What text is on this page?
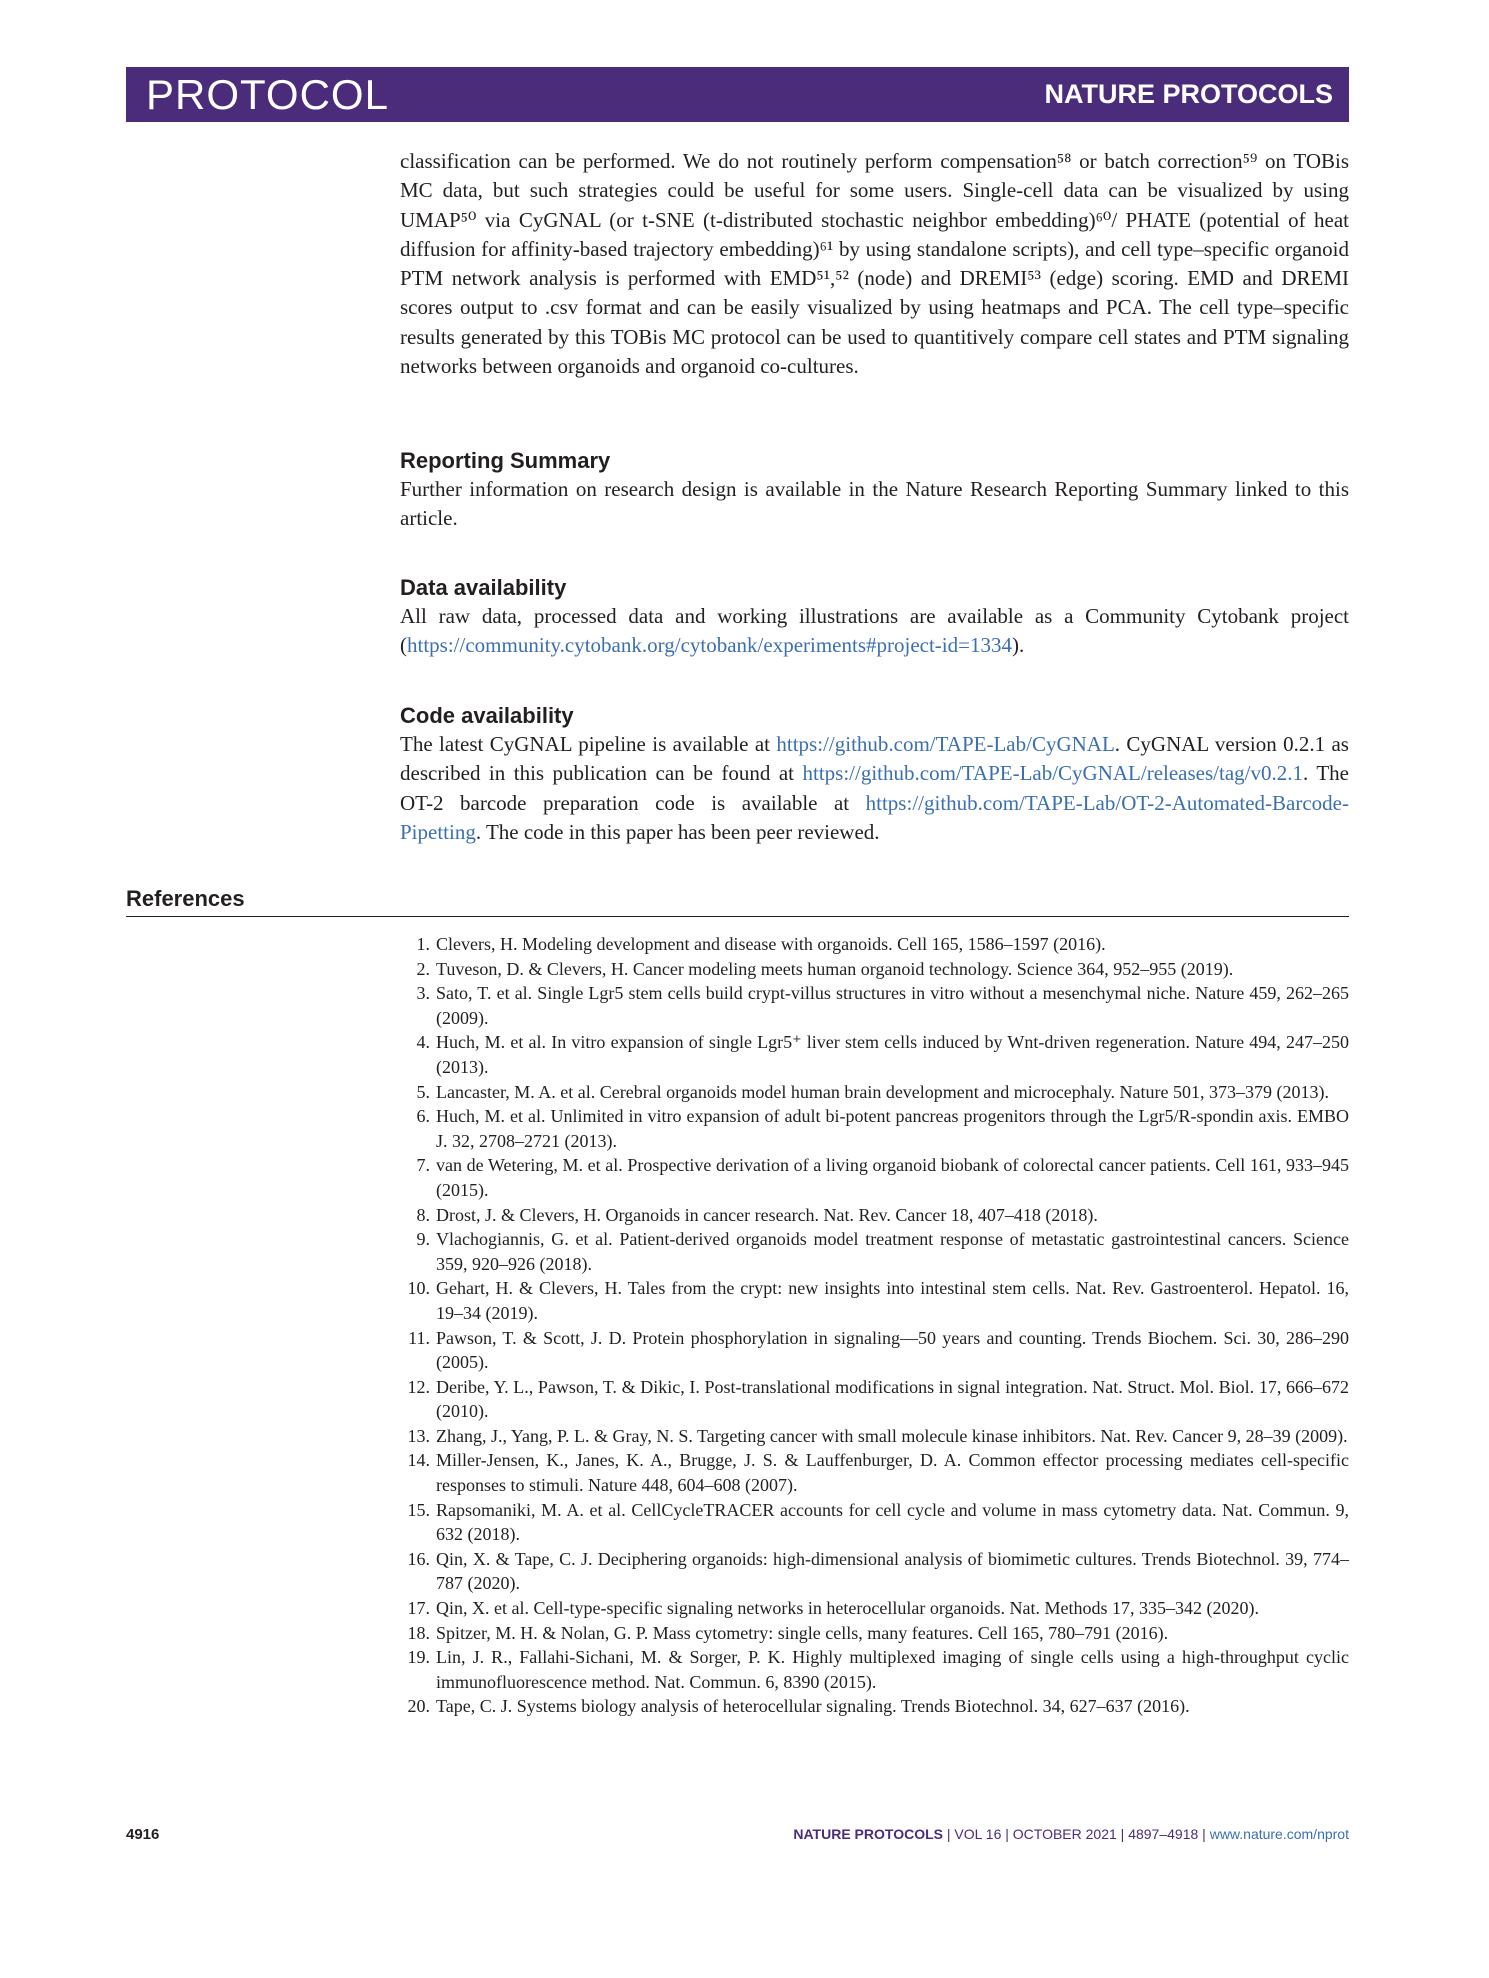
PROTOCOL	NATURE PROTOCOLS

classification can be performed. We do not routinely perform compensation⁵⁸ or batch correction⁵⁹ on TOBis MC data, but such strategies could be useful for some users. Single-cell data can be visualized by using UMAP⁵⁰ via CyGNAL (or t-SNE (t-distributed stochastic neighbor embedding)⁶⁰/ PHATE (potential of heat diffusion for affinity-based trajectory embedding)⁶¹ by using standalone scripts), and cell type–specific organoid PTM network analysis is performed with EMD⁵¹,⁵² (node) and DREMI⁵³ (edge) scoring. EMD and DREMI scores output to .csv format and can be easily visualized by using heatmaps and PCA. The cell type–specific results generated by this TOBis MC protocol can be used to quantitively compare cell states and PTM signaling networks between organoids and organoid co-cultures.

Reporting Summary

Further information on research design is available in the Nature Research Reporting Summary linked to this article.

Data availability

All raw data, processed data and working illustrations are available as a Community Cytobank project (https://community.cytobank.org/cytobank/experiments#project-id=1334).

Code availability

The latest CyGNAL pipeline is available at https://github.com/TAPE-Lab/CyGNAL. CyGNAL version 0.2.1 as described in this publication can be found at https://github.com/TAPE-Lab/CyGNAL/releases/tag/v0.2.1. The OT-2 barcode preparation code is available at https://github.com/TAPE-Lab/OT-2-Automated-Barcode-Pipetting. The code in this paper has been peer reviewed.

References
1. Clevers, H. Modeling development and disease with organoids. Cell 165, 1586–1597 (2016).
2. Tuveson, D. & Clevers, H. Cancer modeling meets human organoid technology. Science 364, 952–955 (2019).
3. Sato, T. et al. Single Lgr5 stem cells build crypt-villus structures in vitro without a mesenchymal niche. Nature 459, 262–265 (2009).
4. Huch, M. et al. In vitro expansion of single Lgr5⁺ liver stem cells induced by Wnt-driven regeneration. Nature 494, 247–250 (2013).
5. Lancaster, M. A. et al. Cerebral organoids model human brain development and microcephaly. Nature 501, 373–379 (2013).
6. Huch, M. et al. Unlimited in vitro expansion of adult bi-potent pancreas progenitors through the Lgr5/R-spondin axis. EMBO J. 32, 2708–2721 (2013).
7. van de Wetering, M. et al. Prospective derivation of a living organoid biobank of colorectal cancer patients. Cell 161, 933–945 (2015).
8. Drost, J. & Clevers, H. Organoids in cancer research. Nat. Rev. Cancer 18, 407–418 (2018).
9. Vlachogiannis, G. et al. Patient-derived organoids model treatment response of metastatic gastrointestinal cancers. Science 359, 920–926 (2018).
10. Gehart, H. & Clevers, H. Tales from the crypt: new insights into intestinal stem cells. Nat. Rev. Gastroenterol. Hepatol. 16, 19–34 (2019).
11. Pawson, T. & Scott, J. D. Protein phosphorylation in signaling—50 years and counting. Trends Biochem. Sci. 30, 286–290 (2005).
12. Deribe, Y. L., Pawson, T. & Dikic, I. Post-translational modifications in signal integration. Nat. Struct. Mol. Biol. 17, 666–672 (2010).
13. Zhang, J., Yang, P. L. & Gray, N. S. Targeting cancer with small molecule kinase inhibitors. Nat. Rev. Cancer 9, 28–39 (2009).
14. Miller-Jensen, K., Janes, K. A., Brugge, J. S. & Lauffenburger, D. A. Common effector processing mediates cell-specific responses to stimuli. Nature 448, 604–608 (2007).
15. Rapsomaniki, M. A. et al. CellCycleTRACER accounts for cell cycle and volume in mass cytometry data. Nat. Commun. 9, 632 (2018).
16. Qin, X. & Tape, C. J. Deciphering organoids: high-dimensional analysis of biomimetic cultures. Trends Biotechnol. 39, 774–787 (2020).
17. Qin, X. et al. Cell-type-specific signaling networks in heterocellular organoids. Nat. Methods 17, 335–342 (2020).
18. Spitzer, M. H. & Nolan, G. P. Mass cytometry: single cells, many features. Cell 165, 780–791 (2016).
19. Lin, J. R., Fallahi-Sichani, M. & Sorger, P. K. Highly multiplexed imaging of single cells using a high-throughput cyclic immunofluorescence method. Nat. Commun. 6, 8390 (2015).
20. Tape, C. J. Systems biology analysis of heterocellular signaling. Trends Biotechnol. 34, 627–637 (2016).
4916	NATURE PROTOCOLS | VOL 16 | OCTOBER 2021 | 4897–4918 | www.nature.com/nprot
